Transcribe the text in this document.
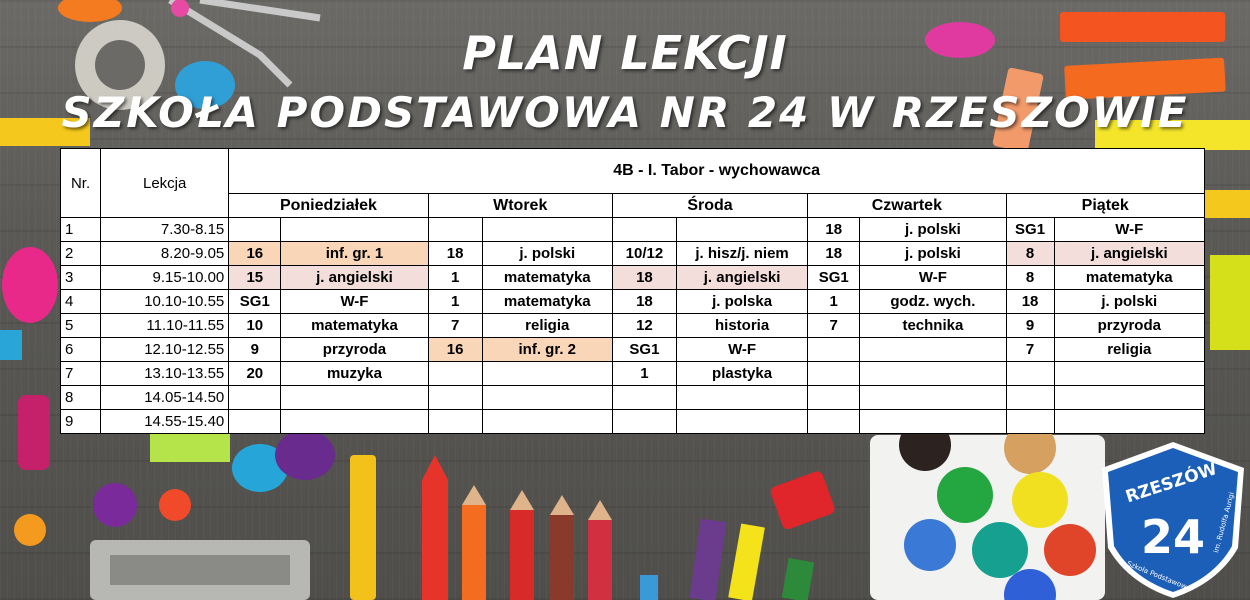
PLAN LEKCJI
SZKOŁA PODSTAWOWA NR 24 W RZESZOWIE
Nr.	Lekcja	4B - I. Tabor - wychowawca									
		Poniedziałek		Wtorek		Środa		Czwartek		Piątek	
1	7.30-8.15							18	j. polski	SG1	W-F
2	8.20-9.05	16	inf. gr. 1	18	j. polski	10/12	j. hisz/j. niem	18	j. polski	8	j. angielski
3	9.15-10.00	15	j. angielski	1	matematyka	18	j. angielski	SG1	W-F	8	matematyka
4	10.10-10.55	SG1	W-F	1	matematyka	18	j. polska	1	godz. wych.	18	j. polski
5	11.10-11.55	10	matematyka	7	religia	12	historia	7	technika	9	przyroda
6	12.10-12.55	9	przyroda	16	inf. gr. 2	SG1	W-F			7	religia
7	13.10-13.55	20	muzyka			1	plastyka				
8	14.05-14.50										
9	14.55-15.40										
RZESZÓW
24
Szkoła Podstawowa
im. Rudolfa Aurigi
